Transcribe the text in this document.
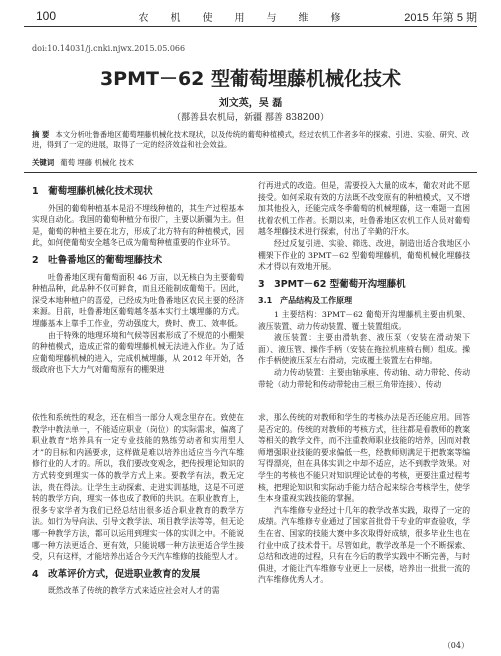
100	农机使用与维修	2015 年第 5 期
doi:10.14031/j.cnki.njwx.2015.05.066
3PMT－62 型葡萄埋藤机械化技术
刘文英，吴 磊
（鄯善县农机局，新疆 鄯善 838200）
摘 要 本文分析吐鲁番地区葡萄埋藤机械化技术现状，以及传统的葡萄种植模式，经过农机工作者多年的探索、引进、实验、研究、改进，得到了一定的进展，取得了一定的经济效益和社会效益。
关键词 葡萄 埋藤 机械化 技术
1　葡萄埋藤机械化技术现状

外国的葡萄种植基本是沿不埋线种植的，其生产过程基本实现自动化。我国的葡萄种植分布很广，主要以新疆为主。但是，葡萄的种植主要在北方，形成了北方特有的种植模式，因此，如何使葡萄安全越冬已成为葡萄种植重要的作业环节。

2　吐鲁番地区的葡萄埋藤技术

吐鲁番地区现有葡萄面积 46 万亩，以无核白为主要葡萄种植品种，此品种不仅可鲜食，而且还能制成葡萄干。因此，深受本地种植户的喜爱，已经成为吐鲁番地区农民主要的经济来源。目前，吐鲁番地区葡萄越冬基本实行土壤埋藤的方式。埋藤基本上靠手工作业，劳动强度大，费时、费工、效率低。

由于特殊的地理环境和气候等因素形成了不规范的小棚架的种植模式，造成正常的葡萄埋藤机械无法进入作业。为了适应葡萄埋藤机械的进入，完成机械埋藤，从 2012 年开始，各级政府也下大力气对葡萄原有的棚架进

行再进式的改造。但是，需要投入大量的成本，葡农对此不愿接受。如何采取有效的方法既不改变原有的种植模式，又不增加其他投入，还能完成冬季葡萄的机械埋藤，这一难题一直困扰着农机工作者。长期以来，吐鲁番地区农机工作人员对葡萄越冬埋藤技术进行探索，付出了辛勤的汗水。

经过反复引进、实验、筛选、改进，制造出适合我地区小棚架下作业的 3PMT－62 型葡萄埋藤机，葡萄机械化埋藤技术才得以有效地开展。

3　3PMT－62 型葡萄开沟埋藤机
3.1　产品结构及工作原理

1 主要结构：3PMT－62 葡萄开沟埋藤机主要由机架、液压装置、动力传动装置、覆土装置组成。

液压装置：主要由滑轨套、液压泵（安装在滑动架下面）、液压管、操作手柄（安装在拖拉机座椅右侧）组成。操作手柄使液压泵左右滑动，完成覆土装置左右伸缩。

动力传动装置：主要由轴承座、传动轴、动力带轮、传动带轮（动力带轮和传动带轮由三根三角带连接）、传动

依性和系统性的观念，还在相当一部分人观念里存在。致使在教学中教法单一，不能适应职业（岗位）的实际需求，偏离了职业教育“培养具有一定专业技能的熟练劳动者和实用型人才”的目标和内涵要求，这样做是难以培养出适应当今汽车维修行业的人才的。所以，我们要改变观念，把传授理论知识的方式转变到理实一体的教学方式上来。要教学有法，教无定法，贵在得法。让学生主动探索、走进实训基地，这是不可逆转的教学方向，理实一体也成了教师的共识。在职业教育上，很多专家学者为我们已经总结出很多适合职业教育的教学方法。如行为导向法、引导文教学法、项目教学法等等，但无论哪一种教学方法，都可以运用到理实一体的实训之中。不能说哪一种方法更适合、更有效，只能说哪一种方法更适合学生接受，只有这样，才能培养出适合今天汽车维修的技能型人才。

4　改革评价方式，促进职业教育的发展

既然改革了传统的教学方式来适应社会对人才的需

求，那么传统的对教师和学生的考核办法是否还能应用。回答是否定的。传统的对教师的考核方式，往往都是看教师的教案等相关的教学文件，而不注重教师职业技能的培养，因而对教师增强职业技能的要求偏低一些，经教师则满足于把教案等编写得漂亮，但在具体实训之中却不适应，达不到教学效果。对学生的考核也不能只对知识理论试卷的考核，更要注重过程考核，把理论知识和实际动手能力结合起来综合考核学生，使学生本身重视实践技能的掌握。

汽车维修专业经过十几年的教学改革实践，取得了一定的成绩。汽车维修专业通过了国家首批骨干专业的审查验收，学生在省、国家的技能大赛中多次取得好成绩，很多毕业生也在行业中成了技术骨干。尽管如此，教学改革是一个不断探索、总结和改进的过程，只有在今后的教学实践中不断完善，与时俱进，才能让汽车维修专业更上一层楼，培养出一批批一流的汽车维修优秀人才。

（04）
